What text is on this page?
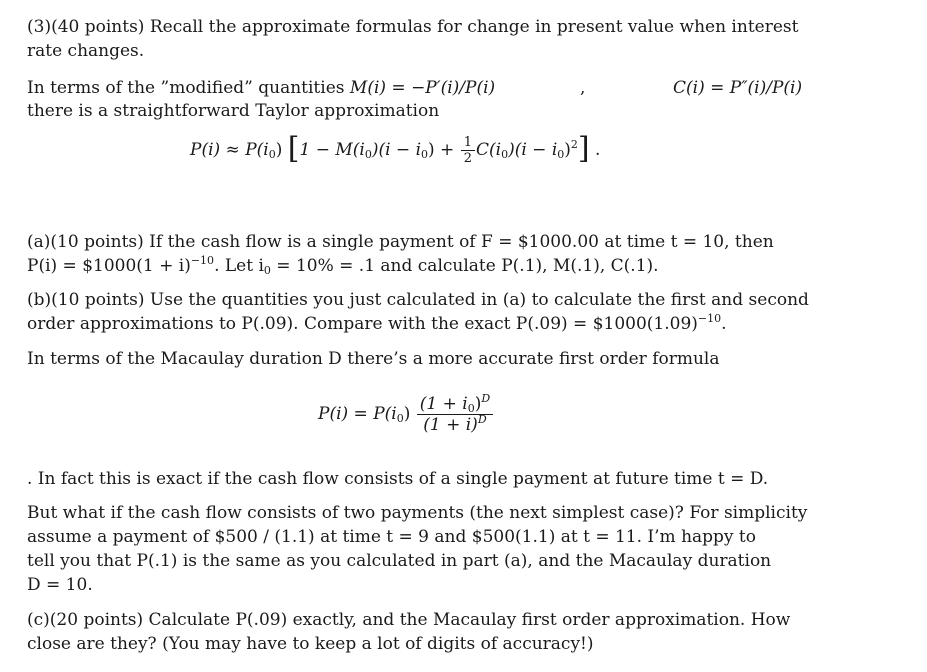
(3)(40 points) Recall the approximate formulas for change in present value when interest
rate changes.
In terms of the ”modified” quantities M(i) = −P′(i)/P(i)	,	C(i) = P″(i)/P(i)
there is a straightforward Taylor approximation
$P(i) \approx P(i_0) [1 - M(i_0)(i - i_0) + \frac{1}{2} C(i_0)(i - i_0)^2]$ .
(a)(10 points) If the cash flow is a single payment of F = $1000.00 at time t = 10, then
P(i) = $1000(1 + i)$^{-10}$. Let $i_0 = 10\% = .1$ and calculate P(.1), M(.1), C(.1).
(b)(10 points) Use the quantities you just calculated in (a) to calculate the first and second
order approximations to P(.09). Compare with the exact $P(.09) = \$1000(1.09)^{-10}$.
In terms of the Macaulay duration D there’s a more accurate first order formula
$P(i) = P(i_0) \frac{(1 + i_0)^D}{(1 + i)^D}$
. In fact this is exact if the cash flow consists of a single payment at future time t = D.
But what if the cash flow consists of two payments (the next simplest case)? For simplicity
assume a payment of $500 / (1.1) at time t = 9 and $500(1.1) at t = 11. I’m happy to
tell you that P(.1) is the same as you calculated in part (a), and the Macaulay duration
D = 10.
(c)(20 points) Calculate P(.09) exactly, and the Macaulay first order approximation. How
close are they? (You may have to keep a lot of digits of accuracy!)
